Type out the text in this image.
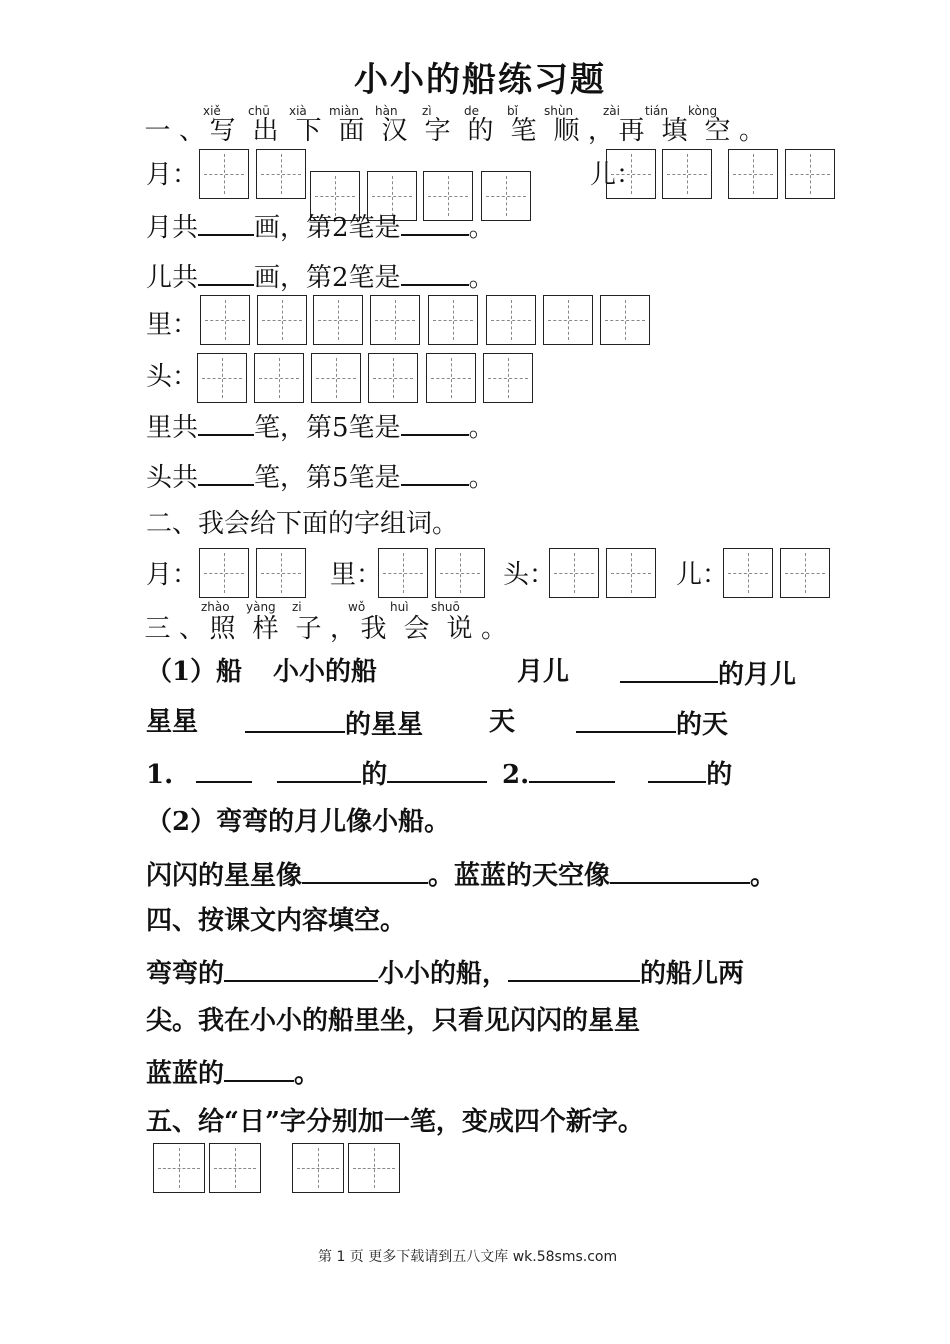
小小的船练习题
xiě chū xià miàn hàn zì	de bǐ shùn zài tián kòng
一 、 写 出 下 面 汉 字 的 笔 顺 ， 再 填 空 。
月：	儿：
月共 画，第2笔是	。
儿共 画，第2笔是	。
里：
头：
里共 笔，第5笔是	。
头共 笔，第5笔是	。
二、我会给下面的字组词。
月：	里：	头：	儿：
zhào yàng zi	wǒ huì shuō
三 、 照 样 子 ， 我 会 说 。
（1）船 小小的船	月儿	的月儿
星星	的星星	天	的天
1.	的	2.	的
（2）弯弯的月儿像小船。
闪闪的星星像	。蓝蓝的天空像	。
四、按课文内容填空。
弯弯的	小小的船，	的船儿两
尖。我在小小的船里坐，只看见闪闪的星星
蓝蓝的	。
五、给“日”字分别加一笔，变成四个新字。
第 1 页 更多下载请到五八文库 wk.58sms.com
